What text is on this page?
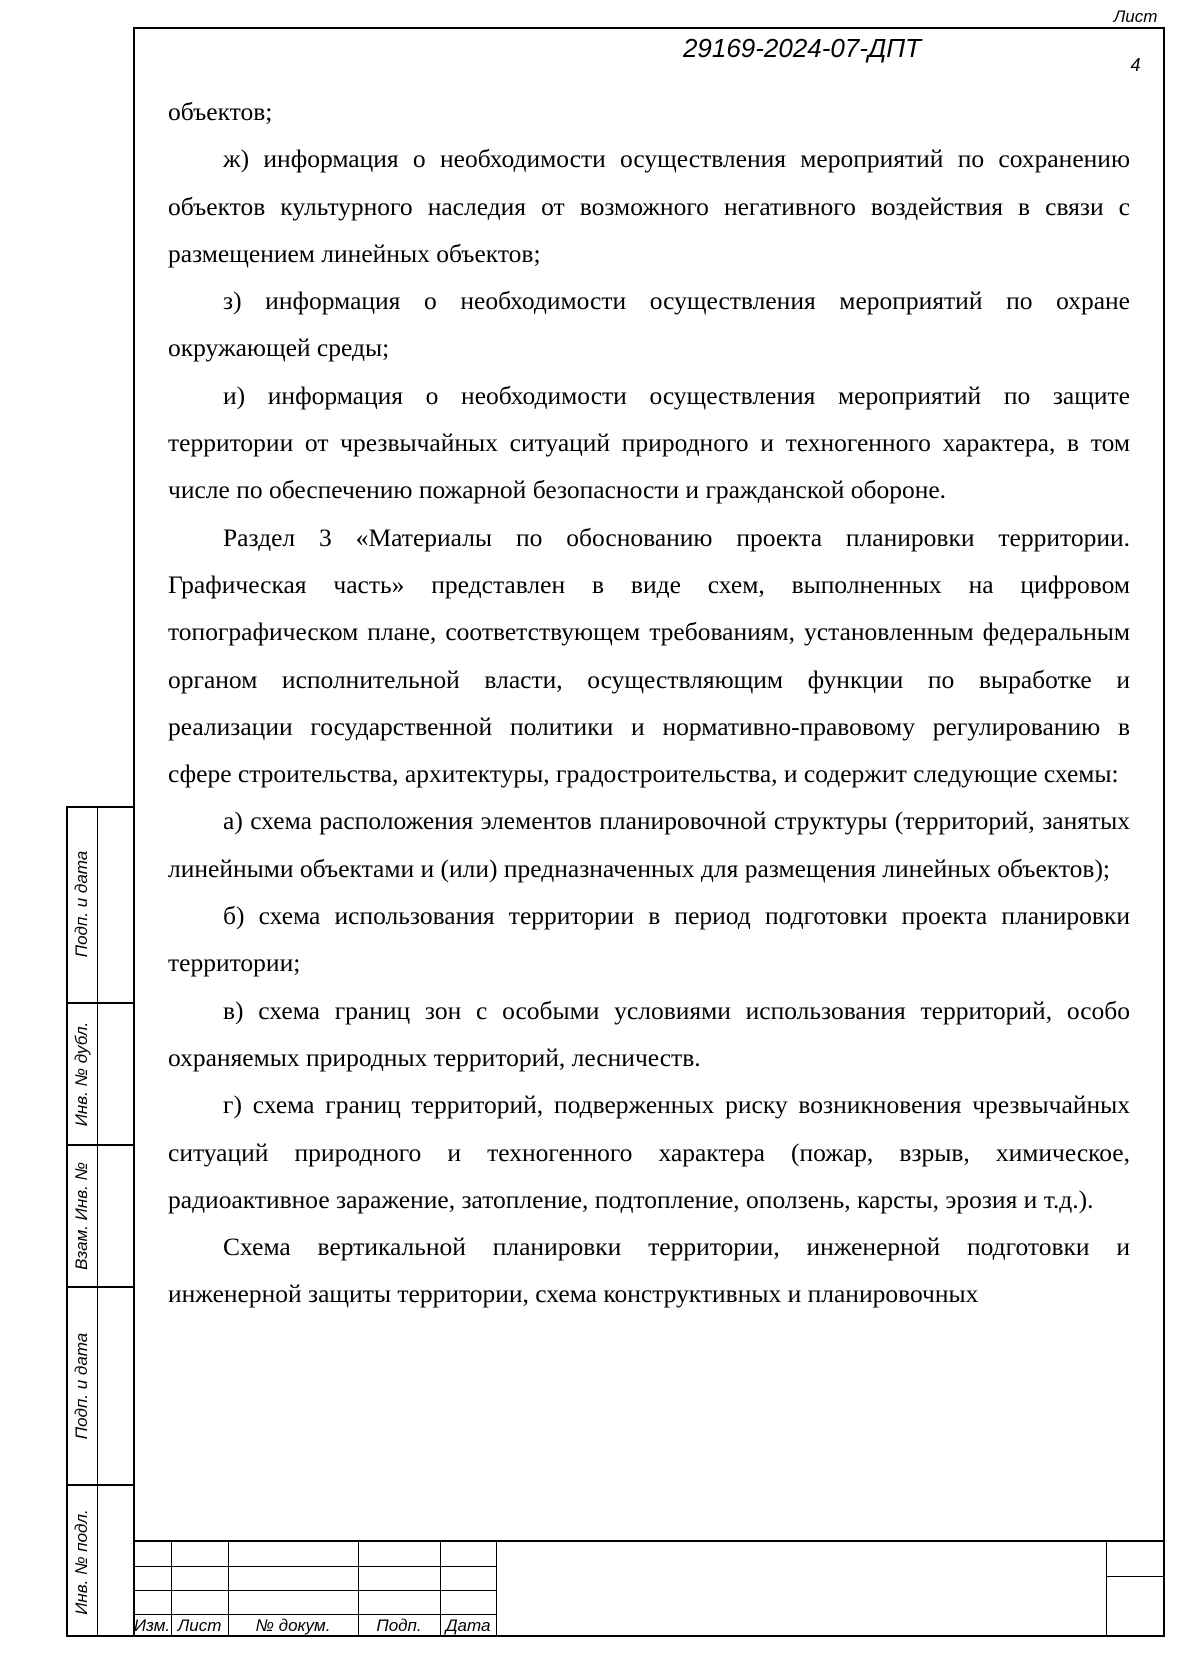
объектов;

ж) информация о необходимости осуществления мероприятий по сохранению объектов культурного наследия от возможного негативного воздействия в связи с размещением линейных объектов;

з) информация о необходимости осуществления мероприятий по охране окружающей среды;

и) информация о необходимости осуществления мероприятий по защите территории от чрезвычайных ситуаций природного и техногенного характера, в том числе по обеспечению пожарной безопасности и гражданской обороне.

Раздел 3 «Материалы по обоснованию проекта планировки территории. Графическая часть» представлен в виде схем, выполненных на цифровом топографическом плане, соответствующем требованиям, установленным федеральным органом исполнительной власти, осуществляющим функции по выработке и реализации государственной политики и нормативно-правовому регулированию в сфере строительства, архитектуры, градостроительства, и содержит следующие схемы:

а) схема расположения элементов планировочной структуры (территорий, занятых линейными объектами и (или) предназначенных для размещения линейных объектов);

б) схема использования территории в период подготовки проекта планировки территории;

в) схема границ зон с особыми условиями использования территорий, особо охраняемых природных территорий, лесничеств.

г) схема границ территорий, подверженных риску возникновения чрезвычайных ситуаций природного и техногенного характера (пожар, взрыв, химическое, радиоактивное заражение, затопление, подтопление, оползень, карсты, эрозия и т.д.).

Схема вертикальной планировки территории, инженерной подготовки и инженерной защиты территории, схема конструктивных и планировочных

Подп. и дата
Инв. № дубл.
Взам. Инв. №
Подп. и дата
Инв. № подл.
Изм. Лист	№ докум.	Подп.	Дата
29169-2024-07-ДПТ
Лист
4
